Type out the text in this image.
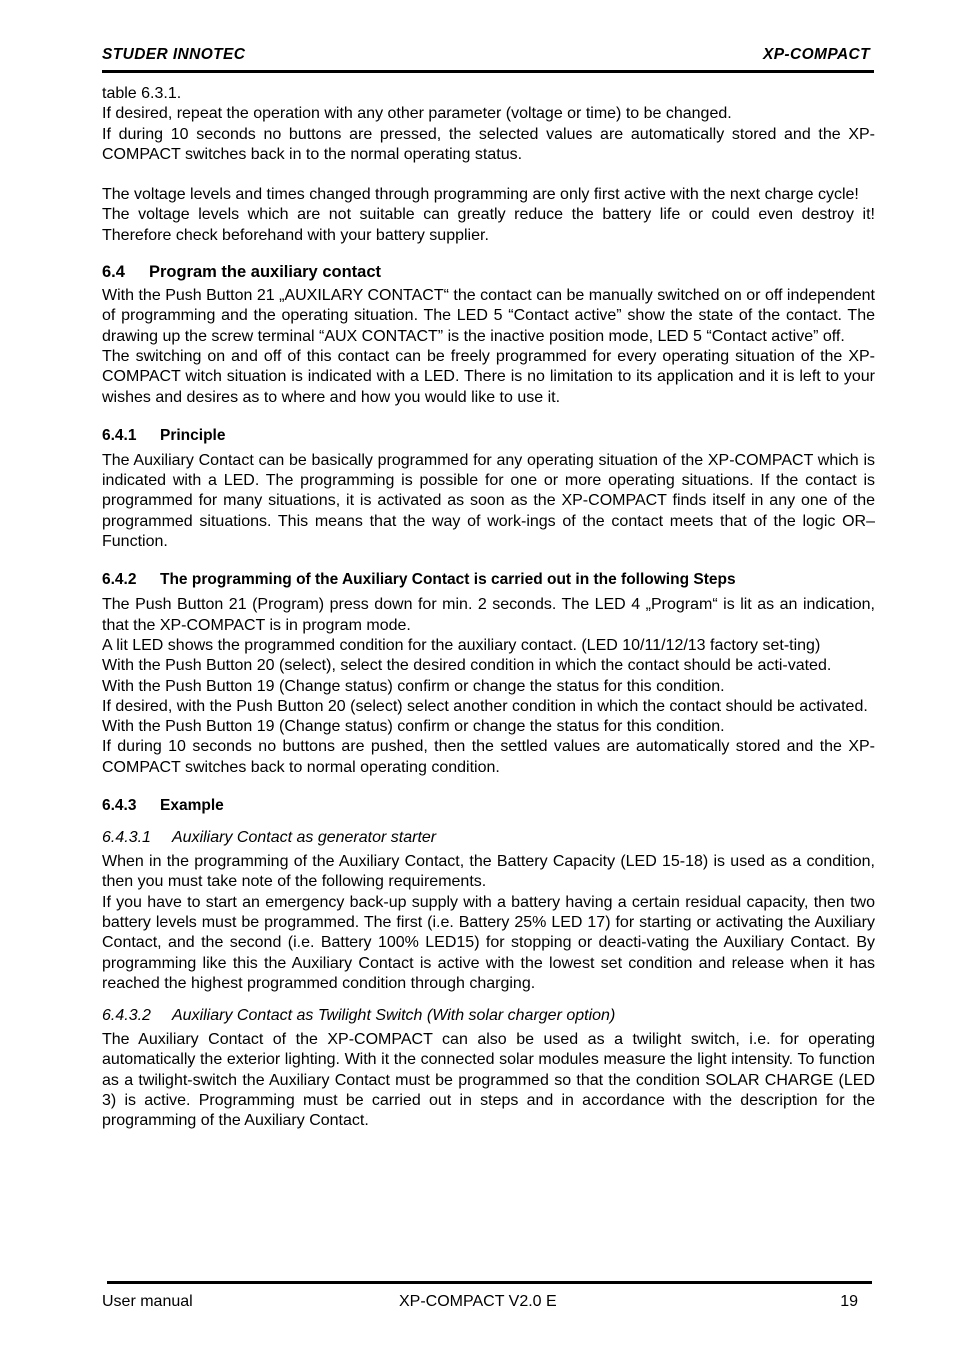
STUDER INNOTEC	XP-COMPACT

table 6.3.1.

If desired, repeat the operation with any other parameter (voltage or time) to be changed.

If during 10 seconds no buttons are pressed, the selected values are automatically stored and the XP-COMPACT switches back in to the normal operating status.

The voltage levels and times changed through programming are only first active with the next charge cycle!

The voltage levels which are not suitable can greatly reduce the battery life or could even destroy it! Therefore check beforehand with your battery supplier.

6.4 Program the auxiliary contact

With the Push Button 21 „AUXILARY CONTACT“ the contact can be manually switched on or off independent of programming and the operating situation. The LED 5 “Contact active” show the state of the contact. The drawing up the screw terminal “AUX CONTACT” is the inactive position mode, LED 5 “Contact active” off.

The switching on and off of this contact can be freely programmed for every operating situation of the XP-COMPACT witch situation is indicated with a LED. There is no limitation to its application and it is left to your wishes and desires as to where and how you would like to use it.

6.4.1 Principle

The Auxiliary Contact can be basically programmed for any operating situation of the XP-COMPACT which is indicated with a LED. The programming is possible for one or more operating situations. If the contact is programmed for many situations, it is activated as soon as the XP-COMPACT finds itself in any one of the programmed situations. This means that the way of work-ings of the contact meets that of the logic OR–Function.

6.4.2 The programming of the Auxiliary Contact is carried out in the following Steps

The Push Button 21 (Program) press down for min. 2 seconds. The LED 4 „Program“ is lit as an indication, that the XP-COMPACT is in program mode.

A lit LED shows the programmed condition for the auxiliary contact. (LED 10/11/12/13 factory set-ting)

With the Push Button 20 (select), select the desired condition in which the contact should be acti-vated.

With the Push Button 19 (Change status) confirm or change the status for this condition.

If desired, with the Push Button 20 (select) select another condition in which the contact should be activated.

With the Push Button 19 (Change status) confirm or change the status for this condition.

If during 10 seconds no buttons are pushed, then the settled values are automatically stored and the XP-COMPACT switches back to normal operating condition.

6.4.3 Example
6.4.3.1 Auxiliary Contact as generator starter

When in the programming of the Auxiliary Contact, the Battery Capacity (LED 15-18) is used as a condition, then you must take note of the following requirements.

If you have to start an emergency back-up supply with a battery having a certain residual capacity, then two battery levels must be programmed. The first (i.e. Battery 25% LED 17) for starting or activating the Auxiliary Contact, and the second (i.e. Battery 100% LED15) for stopping or deacti-vating the Auxiliary Contact. By programming like this the Auxiliary Contact is active with the lowest set condition and release when it has reached the highest programmed condition through charging.

6.4.3.2 Auxiliary Contact as Twilight Switch (With solar charger option)

The Auxiliary Contact of the XP-COMPACT can also be used as a twilight switch, i.e. for operating automatically the exterior lighting. With it the connected solar modules measure the light intensity. To function as a twilight-switch the Auxiliary Contact must be programmed so that the condition SOLAR CHARGE (LED 3) is active. Programming must be carried out in steps and in accordance with the description for the programming of the Auxiliary Contact.

User manual	XP-COMPACT V2.0 E	19
